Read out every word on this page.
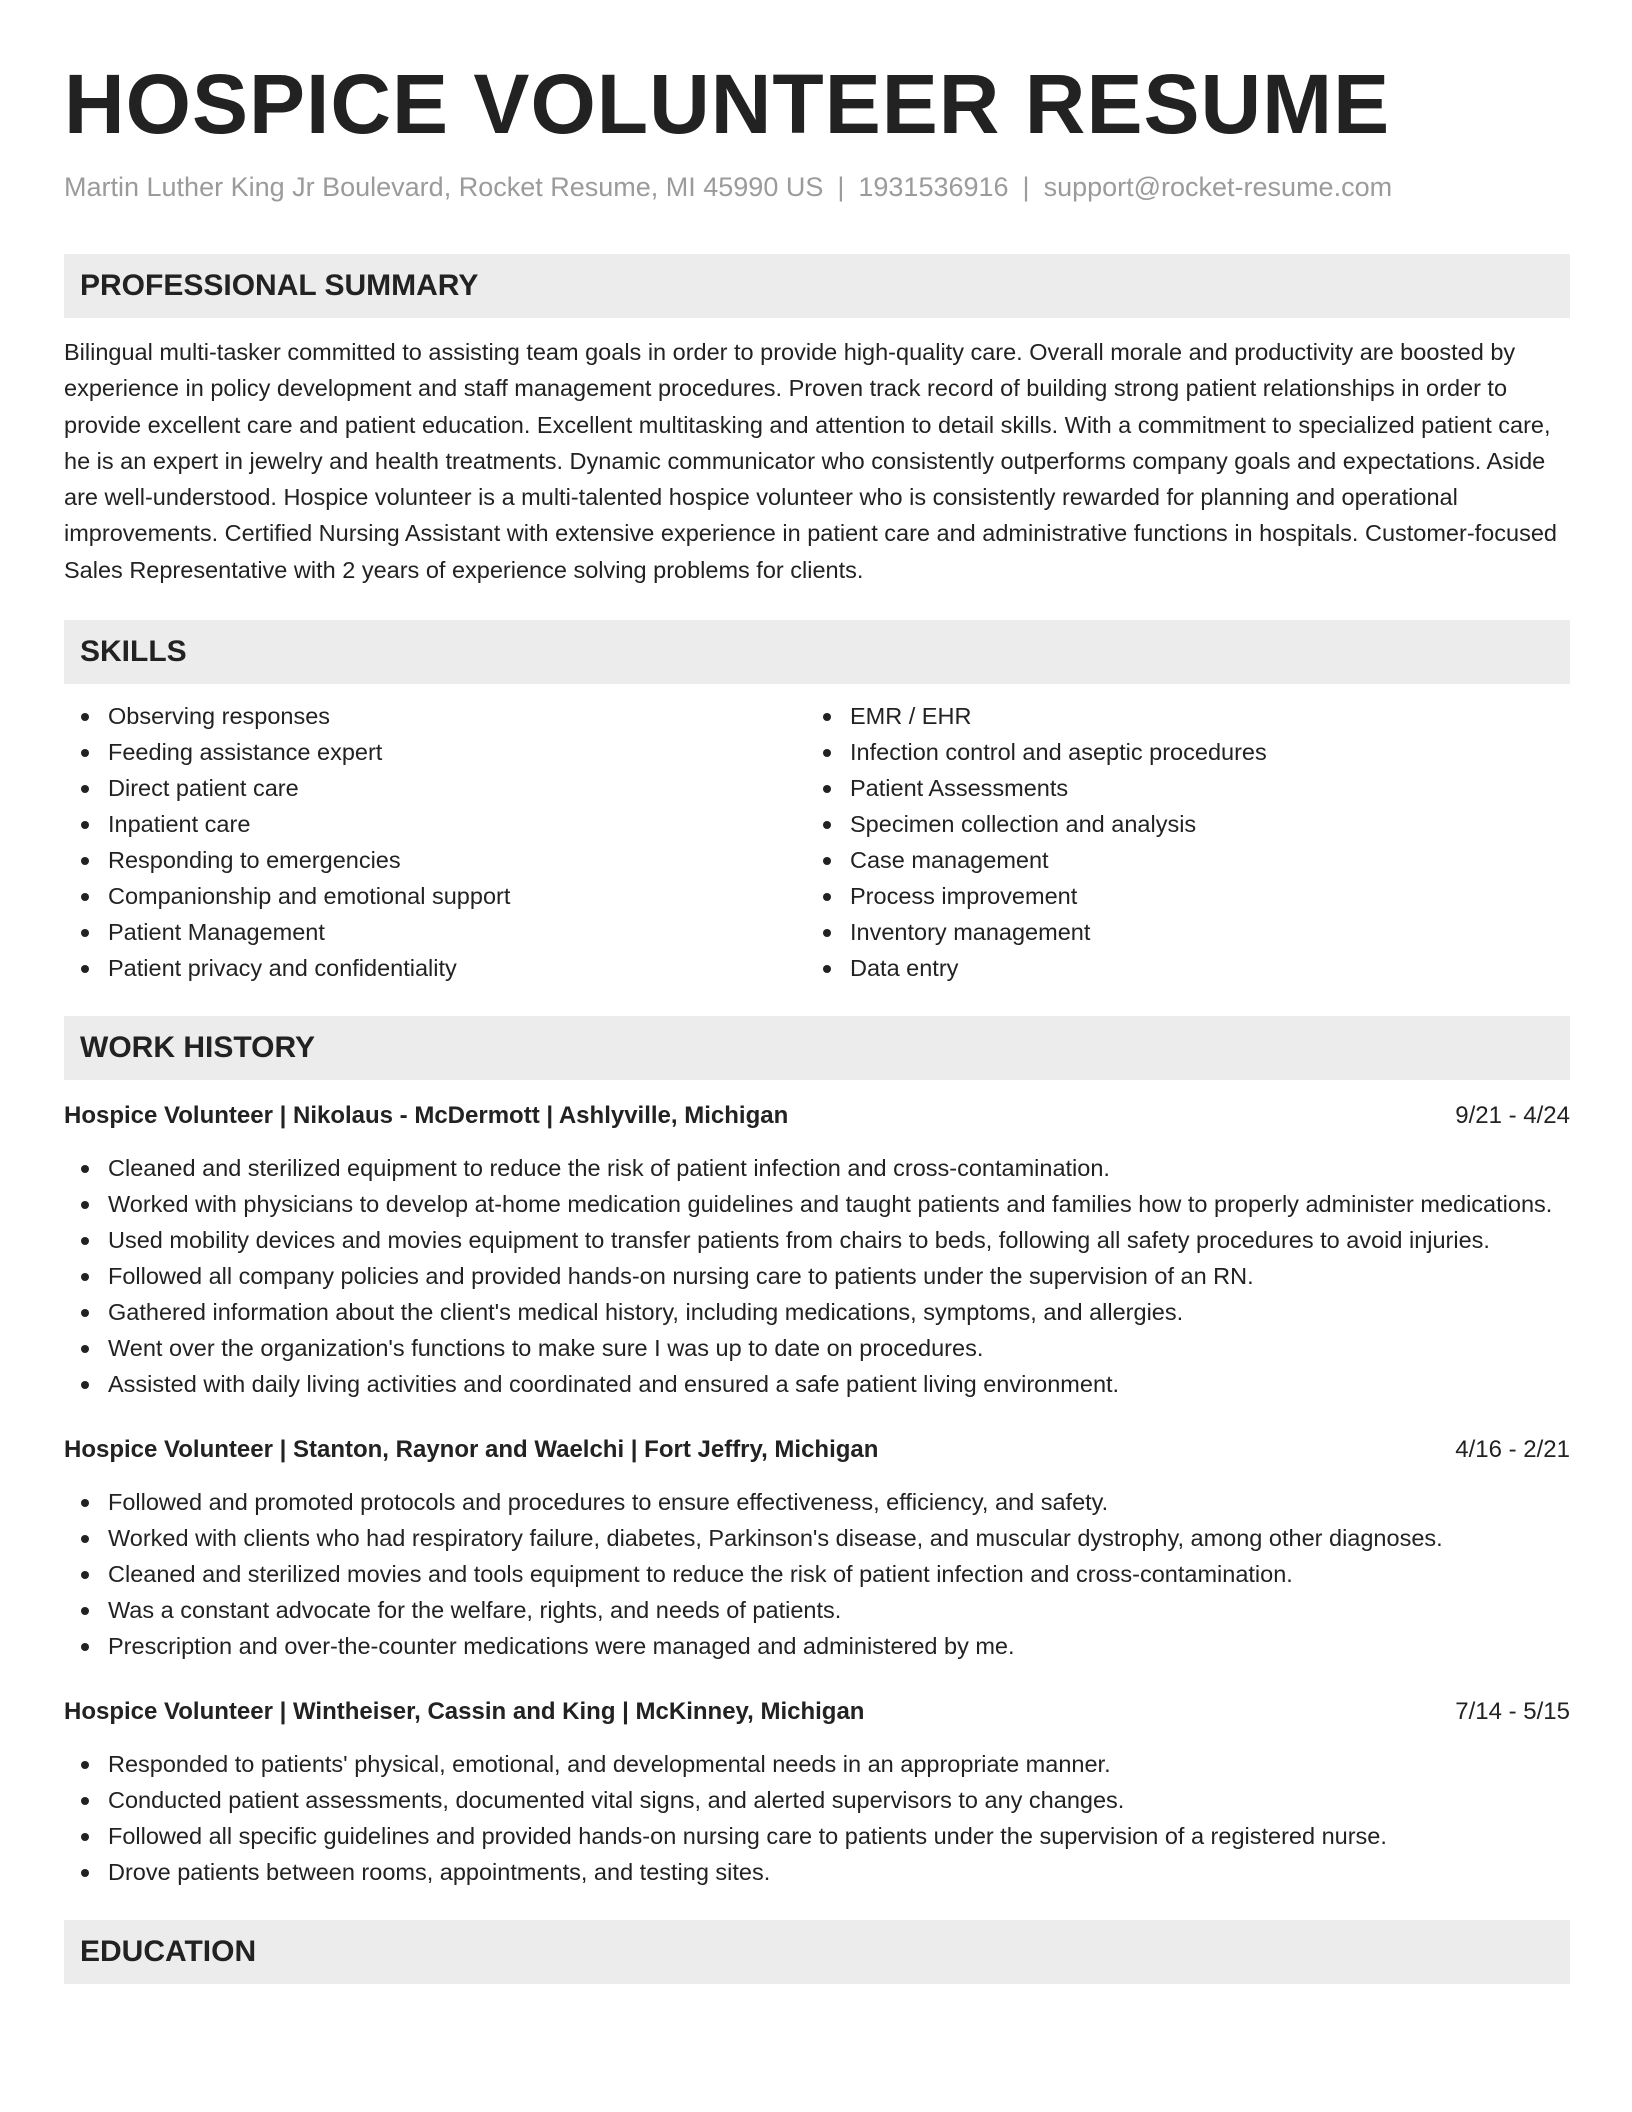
HOSPICE VOLUNTEER RESUME
Martin Luther King Jr Boulevard, Rocket Resume, MI 45990 US | 1931536916 | support@rocket-resume.com
PROFESSIONAL SUMMARY

Bilingual multi-tasker committed to assisting team goals in order to provide high-quality care. Overall morale and productivity are boosted by experience in policy development and staff management procedures. Proven track record of building strong patient relationships in order to provide excellent care and patient education. Excellent multitasking and attention to detail skills. With a commitment to specialized patient care, he is an expert in jewelry and health treatments. Dynamic communicator who consistently outperforms company goals and expectations. Aside are well-understood. Hospice volunteer is a multi-talented hospice volunteer who is consistently rewarded for planning and operational improvements. Certified Nursing Assistant with extensive experience in patient care and administrative functions in hospitals. Customer-focused Sales Representative with 2 years of experience solving problems for clients.

SKILLS
Observing responses
Feeding assistance expert
Direct patient care
Inpatient care
Responding to emergencies
Companionship and emotional support
Patient Management
Patient privacy and confidentiality
EMR / EHR
Infection control and aseptic procedures
Patient Assessments
Specimen collection and analysis
Case management
Process improvement
Inventory management
Data entry
WORK HISTORY
Hospice Volunteer | Nikolaus - McDermott | Ashlyville, Michigan	9/21 - 4/24
Cleaned and sterilized equipment to reduce the risk of patient infection and cross-contamination.
Worked with physicians to develop at-home medication guidelines and taught patients and families how to properly administer medications.
Used mobility devices and movies equipment to transfer patients from chairs to beds, following all safety procedures to avoid injuries.
Followed all company policies and provided hands-on nursing care to patients under the supervision of an RN.
Gathered information about the client's medical history, including medications, symptoms, and allergies.
Went over the organization's functions to make sure I was up to date on procedures.
Assisted with daily living activities and coordinated and ensured a safe patient living environment.
Hospice Volunteer | Stanton, Raynor and Waelchi | Fort Jeffry, Michigan	4/16 - 2/21
Followed and promoted protocols and procedures to ensure effectiveness, efficiency, and safety.
Worked with clients who had respiratory failure, diabetes, Parkinson's disease, and muscular dystrophy, among other diagnoses.
Cleaned and sterilized movies and tools equipment to reduce the risk of patient infection and cross-contamination.
Was a constant advocate for the welfare, rights, and needs of patients.
Prescription and over-the-counter medications were managed and administered by me.
Hospice Volunteer | Wintheiser, Cassin and King | McKinney, Michigan	7/14 - 5/15
Responded to patients' physical, emotional, and developmental needs in an appropriate manner.
Conducted patient assessments, documented vital signs, and alerted supervisors to any changes.
Followed all specific guidelines and provided hands-on nursing care to patients under the supervision of a registered nurse.
Drove patients between rooms, appointments, and testing sites.
EDUCATION
